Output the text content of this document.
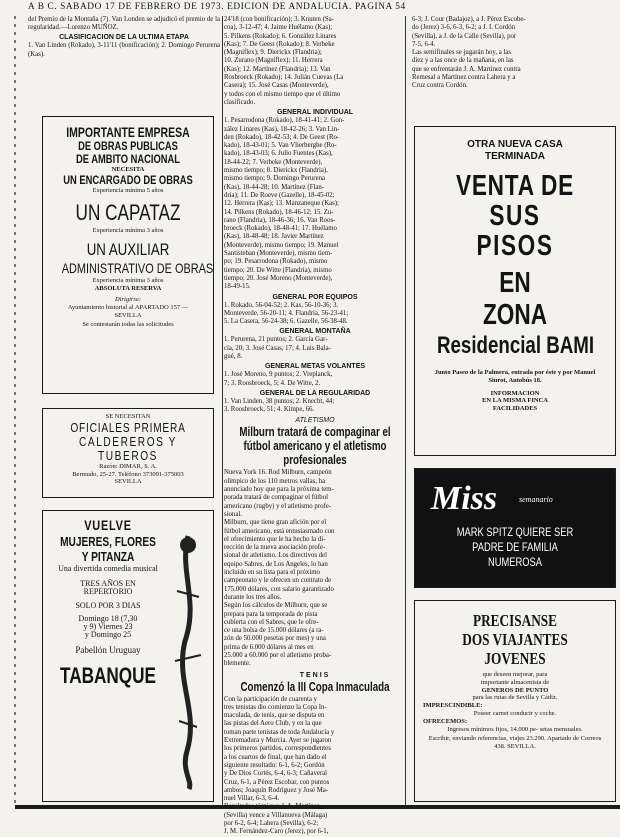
A B C. SABADO 17 DE FEBRERO DE 1973. EDICION DE ANDALUCIA. PAGINA 54

del Premio de la Montaña (7). Van Londen se adjudicó el premio de la regularidad.—Lorenzo MUÑOZ.

CLASIFICACION DE LA ULTIMA ETAPA

1. Van Linden (Rokado), 3-11'11 (bonificación); 2. Domingo Perurena (Kas).

IMPORTANTE EMPRESA
DE OBRAS PUBLICAS
DE AMBITO NACIONAL
NECESITA
UN ENCARGADO DE OBRAS
Experiencia mínima 5 años
UN CAPATAZ
Experiencia mínima 3 años
UN AUXILIAR
ADMINISTRATIVO DE OBRAS
Experiencia mínima 3 años
ABSOLUTA RESERVA
Dirigirse:
Ayuntamiento historial al APARTADO 157 — SEVILLA
Se contestarán todas las solicitudes
SE NECESITAN
OFICIALES PRIMERA
CALDEREROS Y
TUBEROS
Razón: DIMAR, S. A.
Bermudo, 25-27. Teléfono 373091-375003
SEVILLA
VUELVE
MUJERES, FLORES
Y PITANZA
Una divertida comedia musical
TRES AÑOS EN
REPERTORIO
SOLO POR 3 DIAS
Domingo 18 (7,30
y 9) Viernes 23
y Domingo 25
Pabellón Uruguay
TABANQUE

24'18 (con bonificación); 3. Knuten (Sa-

coa), 3-12-47; 4. Jaime Huélamo (Kas);

5. Pilkens (Rokado); 6. González Linares

(Kas); 7. De Geest (Rokado); 8. Verbeke

(Magniflex); 9. Dierickx (Flandria);

10. Zurano (Magniflex); 11. Herrera

(Kas); 12. Martínez (Flandria); 13. Van

Rosbroeck (Rokado); 14. Julián Cuevas (La

Casera); 15. José Casas (Monteverde),

y todos con el mismo tiempo que el último

clasificado.

GENERAL INDIVIDUAL

1. Pesarrodona (Rokado), 18-41-41; 2. Gon-

zález Linares (Kas), 18-42-26; 3. Van Lin-

den (Rokado), 18-42-53; 4. De Geest (Ro-

kado), 18-43-01; 5. Van Vlierberghe (Ro-

kado), 18-43-03; 6. Julio Fuentes (Kas),

18-44-22; 7. Verbeke (Monteverde),

mismo tiempo; 8. Dierickx (Flandria),

mismo tiempo; 9. Domingo Perurena

(Kas), 18-44-28; 10. Martínez (Flan-

dria); 11. De Roeve (Gazelle), 18-45-02;

12. Herrera (Kas); 13. Manzaneque (Kas);

14. Pilkens (Rokado), 18-46-12; 15. Zu-

rano (Flandria), 18-46-36; 16. Van Roos-

broeck (Rokado), 18-48-41; 17. Huélamo

(Kas), 18-48-48; 18. Javier Martínez

(Monteverde), mismo tiempo; 19. Manuel

Santisteban (Monteverde), mismo tiem-

po; 19. Pesarrodona (Rokado), mismo

tiempo; 20. De Witte (Flandria), mismo

tiempo; 20. José Moreno (Monteverde),

18-49-15.

GENERAL POR EQUIPOS

1. Rokado, 56-04-52; 2. Kas, 56-10-36; 3.

Monteverde, 56-20-11; 4. Flandria, 56-23-41;

5. La Casera, 56-24-38; 6. Gazelle, 56-38-48.

GENERAL MONTAÑA

1. Perurena, 21 puntos; 2. García Gar-

cía, 20; 3. José Casas, 17; 4. Luis Bala-

gué, 8.

GENERAL METAS VOLANTES

1. José Moreno, 9 puntos; 2. Vreplanck,

7; 3. Roosbroeck, 5; 4. De Witte, 2.

GENERAL DE LA REGULARIDAD

1. Van Linden, 38 puntos; 2. Knecht, 44;

3. Roosbroeck, 51; 4. Kimpe, 66.

ATLETISMO
Milburn tratará de compaginar el fútbol americano y el atletismo profesionales

Nueva York 16. Rod Milburn, campeón

olímpico de los 110 metros vallas, ha

anunciado hoy que para la próxima tem-

porada tratará de compaginar el fútbol

americano (rugby) y el atletismo profe-

sional.

Milburn, que tiene gran afición por el

fútbol americano, está entusiasmado con

el ofrecimiento que le ha hecho la di-

rección de la nueva asociación profe-

sional de atletismo. Los directivos del

equipo Sabres, de Los Angeles, lo han

incluido en su lista para el próximo

campeonato y le ofrecen un contrato de

175.000 dólares, con salario garantizado

durante los tres años.

Según los cálculos de Milburn, que se

prepara para la temporada de pista

cubierta con el Sabres, que le ofre-

ce una bolsa de 15.000 dólares (a ra-

zón de 50.000 pesetas por mes) y una

prima de 6.000 dólares al mes en

25.000 a 60.000 por el atletismo proba-

blemente.

TENIS
Comenzó la III Copa Inmaculada

Con la participación de cuarenta y

tres tenistas dio comienzo la Copa In-

maculada, de tenis, que se disputa en

las pistas del Aero Club, y en la que

toman parte tenistas de toda Andalucía y

Extremadura y Murcia. Ayer se jugaron

los primeros partidos, correspondientes

a los cuartos de final, que han dado el

siguiente resultado: 6-1, 6-2; Gordón

y De Dios Cortés, 6-4, 6-3; Cañaveral

Cruz, 6-1, a Pérez Escobar, con puntos

ambos; Joaquín Rodríguez y José Ma-

nuel Villar, 6-3, 6-4.

(Sevilla) vence a Villanueva (Málaga)

por 6-2, 6-4; Lahera (Sevilla), 6-2;

J. M. Fernández-Caro (Jerez), por 6-1,

6-3; J. Cour (Badajoz), a J. Pérez Escobe-

do (Jerez) 3-6, 6-3, 6-2; a J. I. Cordón

(Sevilla), a J. de la Calle (Sevilla), por

7-5, 6-4.

Las semifinales se jugarán hoy, a las

diez y a las once de la mañana, en las

que se enfrentarán J. A. Martínez contra

Remesal a Martínez contra Lahera y a

Cruz contra Cordón.

OTRA NUEVA CASA
TERMINADA
VENTA DE
SUS
PISOS
EN
ZONA
Residencial BAMI
Junto Paseo de la Palmera, entrada por éste y por Manuel Siurot, Autobús 18.
INFORMACION
EN LA MISMA FINCA
FACILIDADES
Miss	semanario
MARK SPITZ QUIERE SER
PADRE DE FAMILIA
NUMEROSA
PRECISANSE
DOS VIAJANTES
JOVENES
que deseen mejorar, para
importante almacenista de
GENEROS DE PUNTO
para las rutas de Sevilla y Cádiz.
IMPRESCINDIBLE:
Poseer carnet conducir y coche.
OFRECEMOS:
Ingresos mínimos fijos, 14.000 pe- setas mensuales.
Escribir, enviando referencias, viajes 23.290. Apartado de Correos 438. SEVILLA.
